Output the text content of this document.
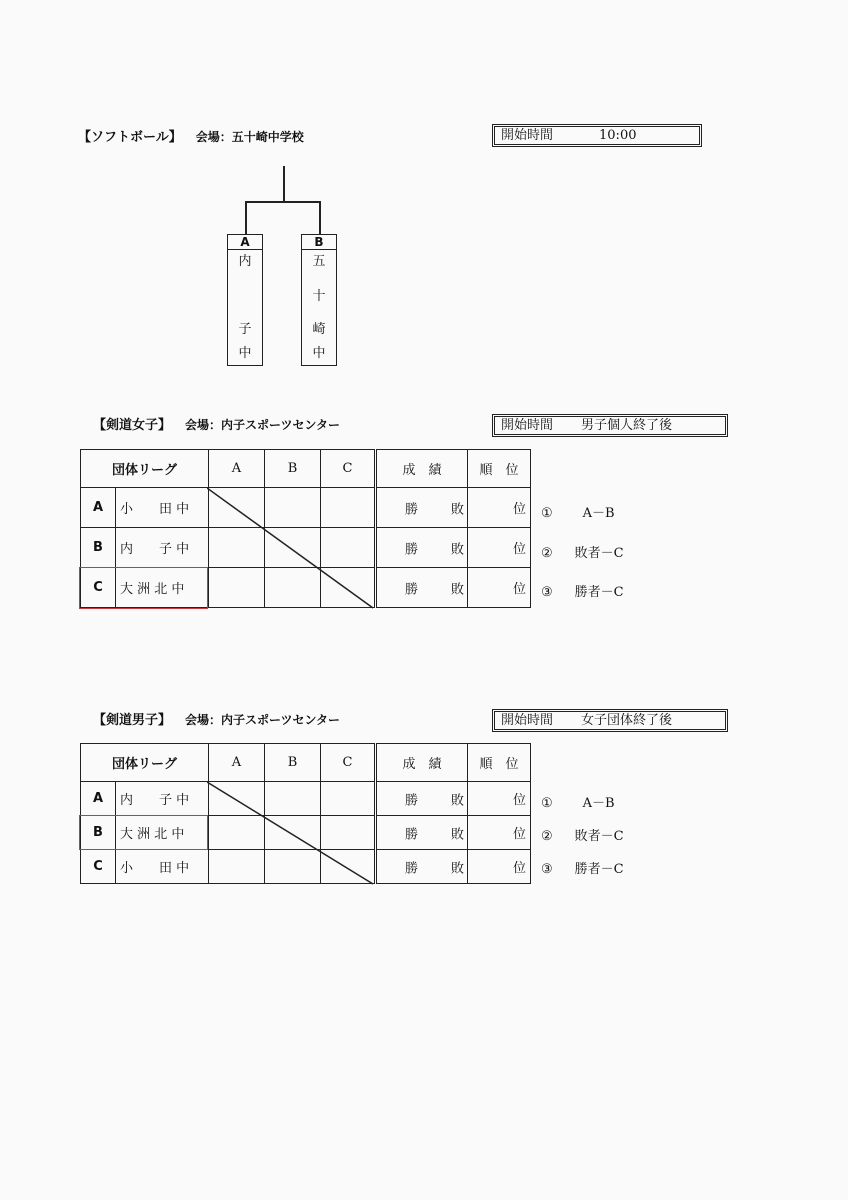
【ソフトボール】 会場：五十崎中学校	開始時間	10:00
A
内
子
中
B
五
十
崎
中
【剣道女子】 会場：内子スポーツセンター	開始時間 男子個人終了後
団体リーグ		A	B	C	成　績	順　位
A	小　　田 中				勝 敗	位
B	内　　子 中				勝 敗	位
C	大 洲 北 中				勝 敗	位
① A－B
② 敗者－C
③ 勝者－C
【剣道男子】 会場：内子スポーツセンター	開始時間 女子団体終了後
団体リーグ		A	B	C	成　績	順　位
A	内　　子 中				勝 敗	位
B	大 洲 北 中				勝 敗	位
C	小　　田 中				勝 敗	位
① A－B
② 敗者－C
③ 勝者－C
